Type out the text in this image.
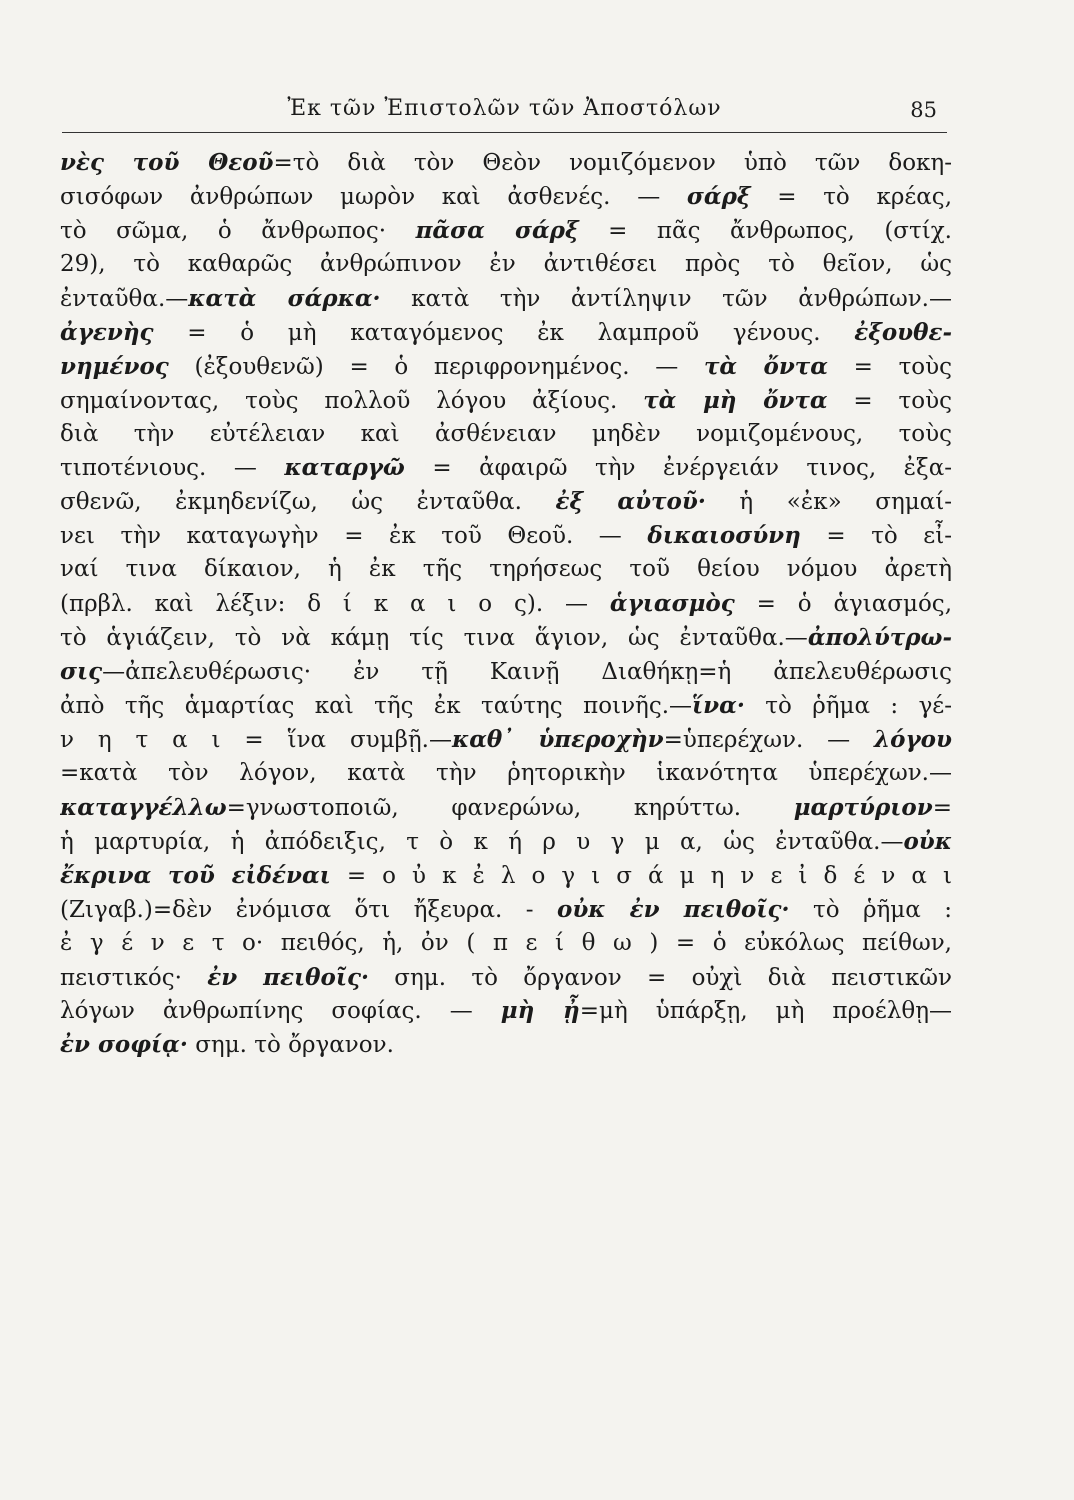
Ἐκ τῶν Ἐπιστολῶν τῶν Ἀποστόλων	85
νὲς τοῦ Θεοῦ=τὸ διὰ τὸν Θεὸν νομιζόμενον ὑπὸ τῶν δοκη-
σισόφων ἀνθρώπων μωρὸν καὶ ἀσθενές. — σάρξ = τὸ κρέας,
τὸ σῶμα, ὁ ἄνθρωπος· πᾶσα σάρξ = πᾶς ἄνθρωπος, (στίχ.
29), τὸ καθαρῶς ἀνθρώπινον ἐν ἀντιθέσει πρὸς τὸ θεῖον, ὡς
ἐνταῦθα.—κατὰ σάρκα· κατὰ τὴν ἀντίληψιν τῶν ἀνθρώπων.—
ἀγενὴς = ὁ μὴ καταγόμενος ἐκ λαμπροῦ γένους. ἐξουθε-
νημένος (ἐξουθενῶ) = ὁ περιφρονημένος. — τὰ ὄντα = τοὺς
σημαίνοντας, τοὺς πολλοῦ λόγου ἀξίους. τὰ μὴ ὄντα = τοὺς
διὰ τὴν εὐτέλειαν καὶ ἀσθένειαν μηδὲν νομιζομένους, τοὺς
τιποτένιους. — καταργῶ = ἀφαιρῶ τὴν ἐνέργειάν τινος, ἐξα-
σθενῶ, ἐκμηδενίζω, ὡς ἐνταῦθα. ἐξ αὐτοῦ· ἡ «ἐκ» σημαί-
νει τὴν καταγωγὴν = ἐκ τοῦ Θεοῦ. — δικαιοσύνη = τὸ εἶ-
ναί τινα δίκαιον, ἡ ἐκ τῆς τηρήσεως τοῦ θείου νόμου ἀρετὴ
(πρβλ. καὶ λέξιν: δ ί κ α ι ο ς). — ἁγιασμὸς = ὁ ἁγιασμός,
τὸ ἁγιάζειν, τὸ νὰ κάμῃ τίς τινα ἅγιον, ὡς ἐνταῦθα.—ἀπολύτρω-
σις—ἀπελευθέρωσις· ἐν τῇ Καινῇ Διαθήκῃ=ἡ ἀπελευθέρωσις
ἀπὸ τῆς ἁμαρτίας καὶ τῆς ἐκ ταύτης ποινῆς.—ἵνα· τὸ ῥῆμα : γέ-
ν η τ α ι = ἵνα συμβῇ.—καθ᾽ ὑπεροχὴν=ὑπερέχων. — λόγου
=κατὰ τὸν λόγον, κατὰ τὴν ῥητορικὴν ἱκανότητα ὑπερέχων.—
καταγγέλλω=γνωστοποιῶ, φανερώνω, κηρύττω. μαρτύριον=
ἡ μαρτυρία, ἡ ἀπόδειξις, τ ὸ κ ή ρ υ γ μ α, ὡς ἐνταῦθα.—οὐκ
ἔκρινα τοῦ εἰδέναι = ο ὐ κ ἐ λ ο γ ι σ ά μ η ν ε ἰ δ έ ν α ι
(Ζιγαβ.)=δὲν ἐνόμισα ὅτι ἤξευρα. - οὐκ ἐν πειθοῖς· τὸ ῥῆμα :
ἐ γ έ ν ε τ ο· πειθός, ἡ, ὀν ( π ε ί θ ω ) = ὁ εὐκόλως πείθων,
πειστικός· ἐν πειθοῖς· σημ. τὸ ὄργανον = οὐχὶ διὰ πειστικῶν
λόγων ἀνθρωπίνης σοφίας. — μὴ ᾖ=μὴ ὑπάρξῃ, μὴ προέλθῃ—
ἐν σοφίᾳ· σημ. τὸ ὄργανον.
